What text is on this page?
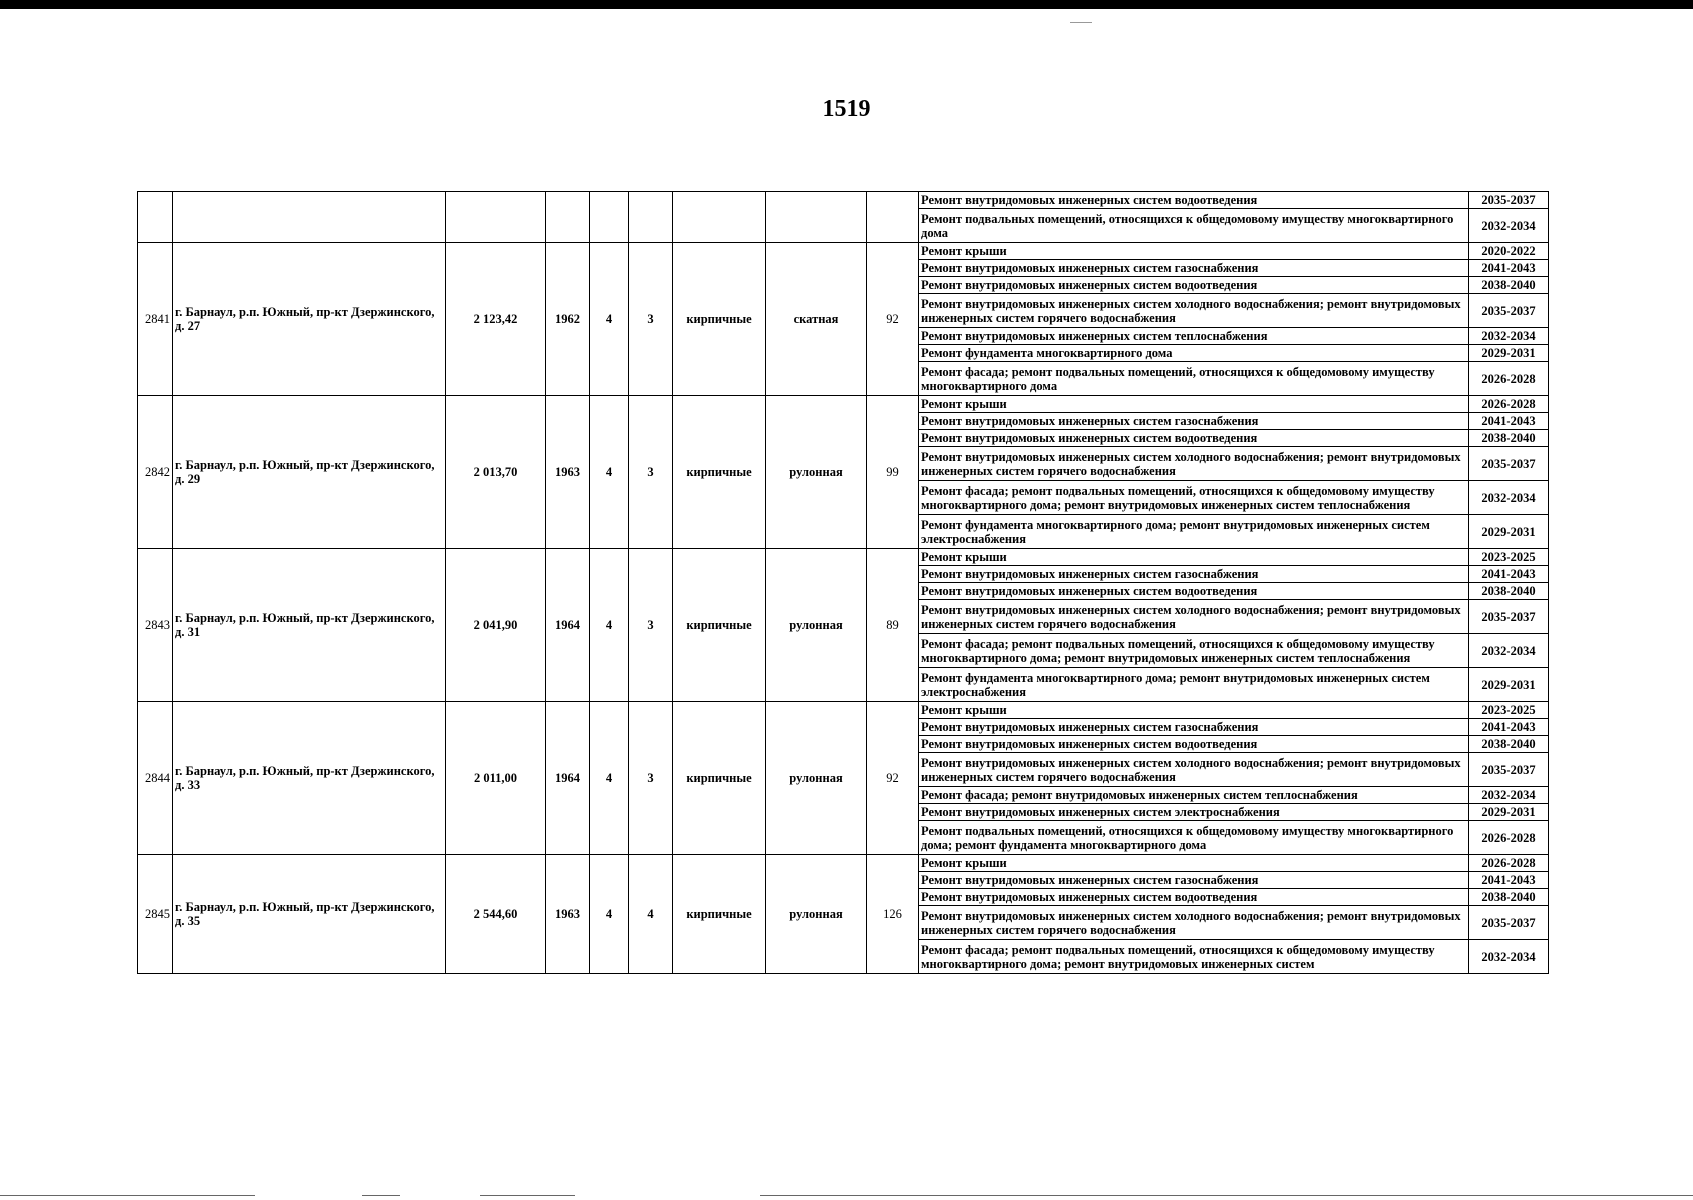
1519
									Ремонт внутридомовых инженерных систем водоотведения	2035-2037
									Ремонт подвальных помещений, относящихся к общедомовому имуществу многоквартирного дома	2032-2034
2841	г. Барнаул, р.п. Южный, пр-кт Дзержинского, д. 27	2 123,42	1962	4	3	кирпичные	скатная	92	Ремонт крыши	2020-2022
									Ремонт внутридомовых инженерных систем газоснабжения	2041-2043
									Ремонт внутридомовых инженерных систем водоотведения	2038-2040
									Ремонт внутридомовых инженерных систем холодного водоснабжения; ремонт внутридомовых инженерных систем горячего водоснабжения	2035-2037
									Ремонт внутридомовых инженерных систем теплоснабжения	2032-2034
									Ремонт фундамента многоквартирного дома	2029-2031
									Ремонт фасада; ремонт подвальных помещений, относящихся к общедомовому имуществу многоквартирного дома	2026-2028
2842	г. Барнаул, р.п. Южный, пр-кт Дзержинского, д. 29	2 013,70	1963	4	3	кирпичные	рулонная	99	Ремонт крыши	2026-2028
									Ремонт внутридомовых инженерных систем газоснабжения	2041-2043
									Ремонт внутридомовых инженерных систем водоотведения	2038-2040
									Ремонт внутридомовых инженерных систем холодного водоснабжения; ремонт внутридомовых инженерных систем горячего водоснабжения	2035-2037
									Ремонт фасада; ремонт подвальных помещений, относящихся к общедомовому имуществу многоквартирного дома; ремонт внутридомовых инженерных систем теплоснабжения	2032-2034
									Ремонт фундамента многоквартирного дома; ремонт внутридомовых инженерных систем электроснабжения	2029-2031
2843	г. Барнаул, р.п. Южный, пр-кт Дзержинского, д. 31	2 041,90	1964	4	3	кирпичные	рулонная	89	Ремонт крыши	2023-2025
									Ремонт внутридомовых инженерных систем газоснабжения	2041-2043
									Ремонт внутридомовых инженерных систем водоотведения	2038-2040
									Ремонт внутридомовых инженерных систем холодного водоснабжения; ремонт внутридомовых инженерных систем горячего водоснабжения	2035-2037
									Ремонт фасада; ремонт подвальных помещений, относящихся к общедомовому имуществу многоквартирного дома; ремонт внутридомовых инженерных систем теплоснабжения	2032-2034
									Ремонт фундамента многоквартирного дома; ремонт внутридомовых инженерных систем электроснабжения	2029-2031
2844	г. Барнаул, р.п. Южный, пр-кт Дзержинского, д. 33	2 011,00	1964	4	3	кирпичные	рулонная	92	Ремонт крыши	2023-2025
									Ремонт внутридомовых инженерных систем газоснабжения	2041-2043
									Ремонт внутридомовых инженерных систем водоотведения	2038-2040
									Ремонт внутридомовых инженерных систем холодного водоснабжения; ремонт внутридомовых инженерных систем горячего водоснабжения	2035-2037
									Ремонт фасада; ремонт внутридомовых инженерных систем теплоснабжения	2032-2034
									Ремонт внутридомовых инженерных систем электроснабжения	2029-2031
									Ремонт подвальных помещений, относящихся к общедомовому имуществу многоквартирного дома; ремонт фундамента многоквартирного дома	2026-2028
2845	г. Барнаул, р.п. Южный, пр-кт Дзержинского, д. 35	2 544,60	1963	4	4	кирпичные	рулонная	126	Ремонт крыши	2026-2028
									Ремонт внутридомовых инженерных систем газоснабжения	2041-2043
									Ремонт внутридомовых инженерных систем водоотведения	2038-2040
									Ремонт внутридомовых инженерных систем холодного водоснабжения; ремонт внутридомовых инженерных систем горячего водоснабжения	2035-2037
									Ремонт фасада; ремонт подвальных помещений, относящихся к общедомовому имуществу многоквартирного дома; ремонт внутридомовых инженерных систем	2032-2034
